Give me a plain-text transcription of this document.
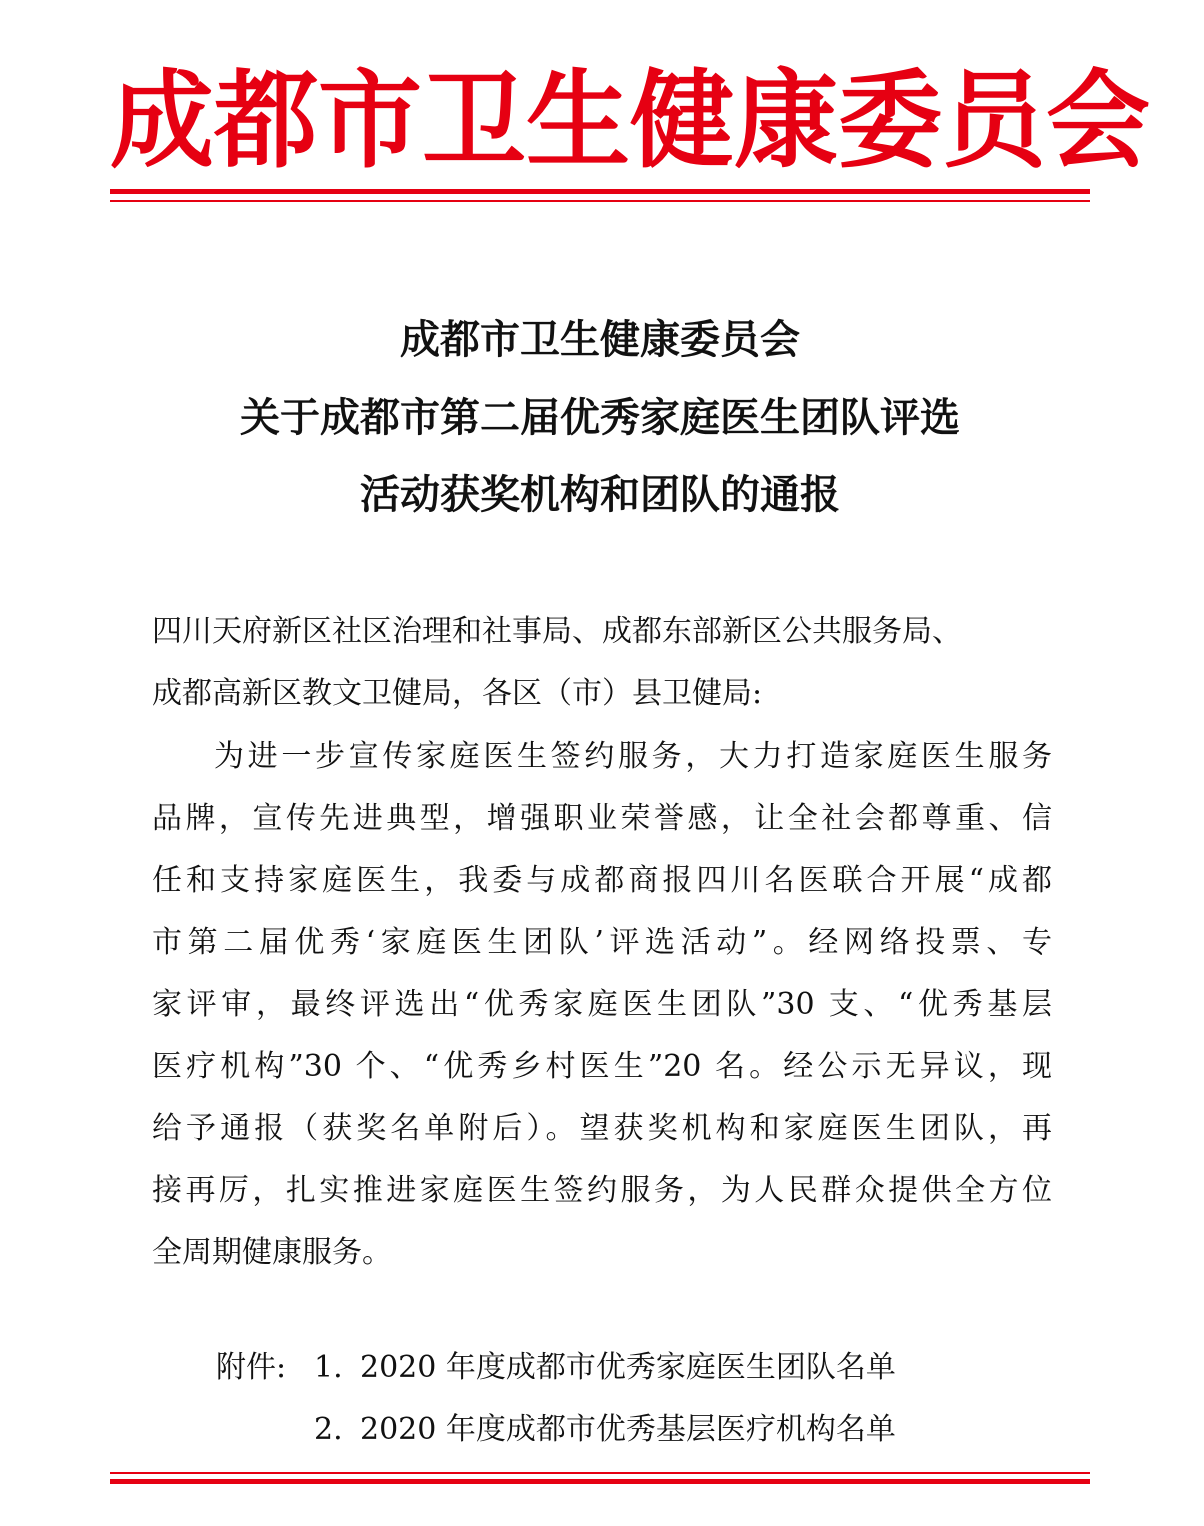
成都市卫生健康委员会
成都市卫生健康委员会
关于成都市第二届优秀家庭医生团队评选
活动获奖机构和团队的通报
四川天府新区社区治理和社事局、成都东部新区公共服务局、
成都高新区教文卫健局，各区（市）县卫健局:
为进一步宣传家庭医生签约服务，大力打造家庭医生服务
品牌，宣传先进典型，增强职业荣誉感，让全社会都尊重、信
任和支持家庭医生，我委与成都商报四川名医联合开展“成都
市第二届优秀‘家庭医生团队’评选活动”。经网络投票、专
家评审，最终评选出“优秀家庭医生团队”30 支、“优秀基层
医疗机构”30 个、“优秀乡村医生”20 名。经公示无异议，现
给予通报（获奖名单附后）。望获奖机构和家庭医生团队，再
接再厉，扎实推进家庭医生签约服务，为人民群众提供全方位
全周期健康服务。
附件: 1. 2020 年度成都市优秀家庭医生团队名单
2. 2020 年度成都市优秀基层医疗机构名单
